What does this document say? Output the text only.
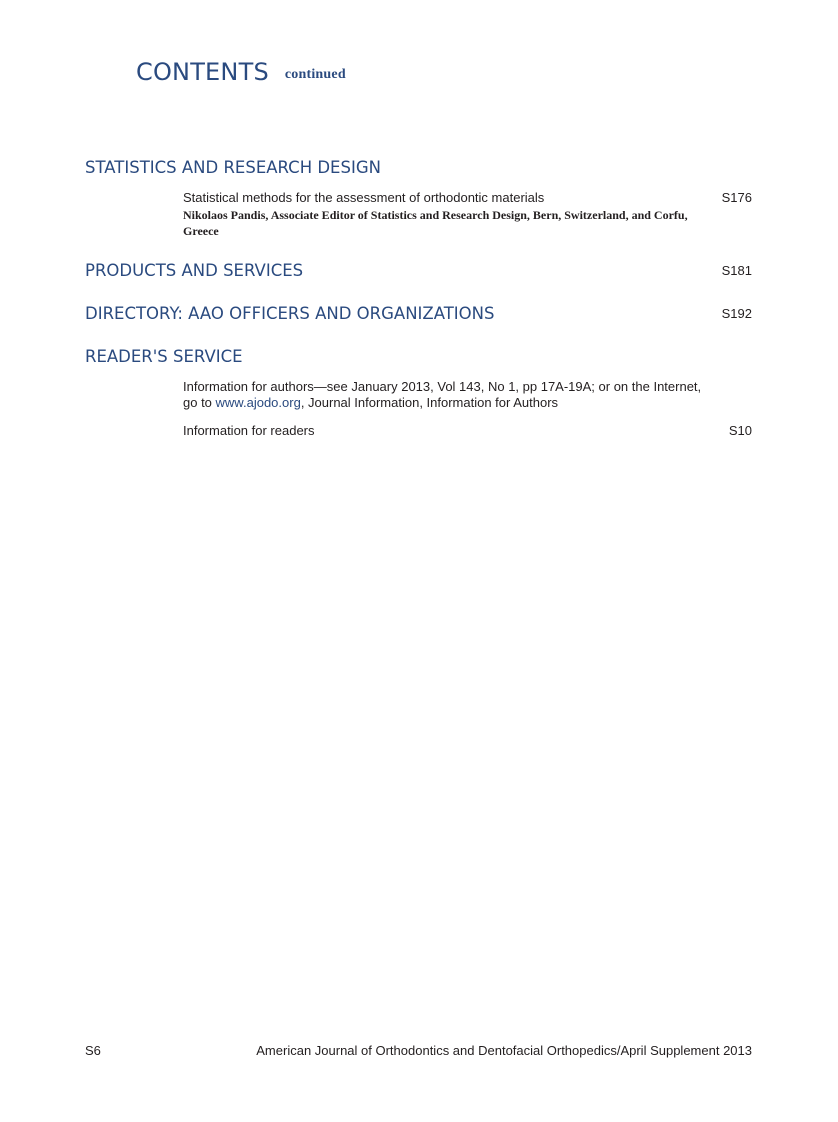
CONTENTS continued
STATISTICS AND RESEARCH DESIGN
Statistical methods for the assessment of orthodontic materials	S176
Nikolaos Pandis, Associate Editor of Statistics and Research Design, Bern, Switzerland, and Corfu, Greece
PRODUCTS AND SERVICES	S181
DIRECTORY: AAO OFFICERS AND ORGANIZATIONS	S192
READER'S SERVICE
Information for authors—see January 2013, Vol 143, No 1, pp 17A-19A; or on the Internet, go to www.ajodo.org, Journal Information, Information for Authors
Information for readers	S10
S6	American Journal of Orthodontics and Dentofacial Orthopedics/April Supplement 2013
